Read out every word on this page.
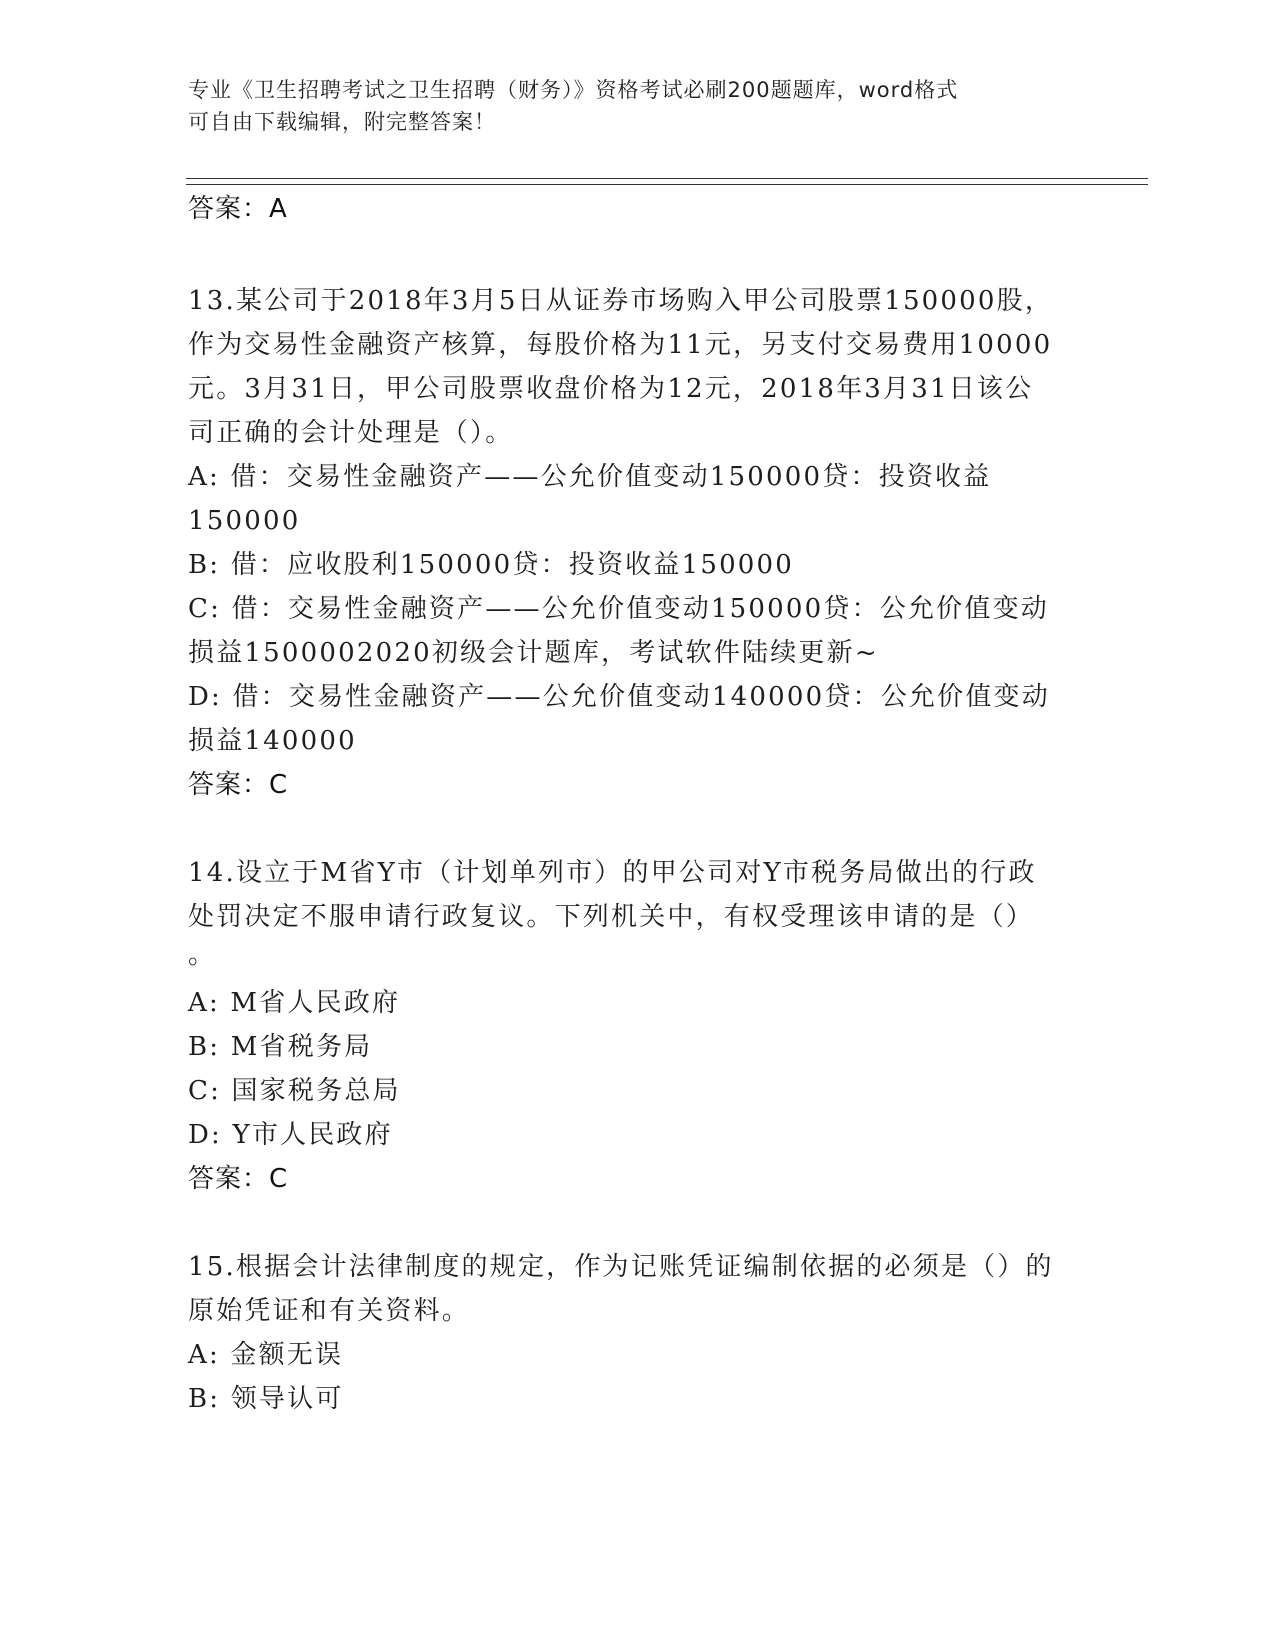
专业《卫生招聘考试之卫生招聘（财务）》资格考试必刷200题题库，word格式
可自由下载编辑，附完整答案！
答案：A
13.某公司于2018年3月5日从证券市场购入甲公司股票150000股，
作为交易性金融资产核算，每股价格为11元，另支付交易费用10000
元。3月31日，甲公司股票收盘价格为12元，2018年3月31日该公
司正确的会计处理是（）。
A: 借：交易性金融资产——公允价值变动150000贷：投资收益
150000
B: 借：应收股利150000贷：投资收益150000
C: 借：交易性金融资产——公允价值变动150000贷：公允价值变动
损益1500002020初级会计题库，考试软件陆续更新~
D: 借：交易性金融资产——公允价值变动140000贷：公允价值变动
损益140000
答案：C
14.设立于M省Y市（计划单列市）的甲公司对Y市税务局做出的行政
处罚决定不服申请行政复议。下列机关中，有权受理该申请的是（）
。
A: M省人民政府
B: M省税务局
C: 国家税务总局
D: Y市人民政府
答案：C
15.根据会计法律制度的规定，作为记账凭证编制依据的必须是（）的
原始凭证和有关资料。
A: 金额无误
B: 领导认可
